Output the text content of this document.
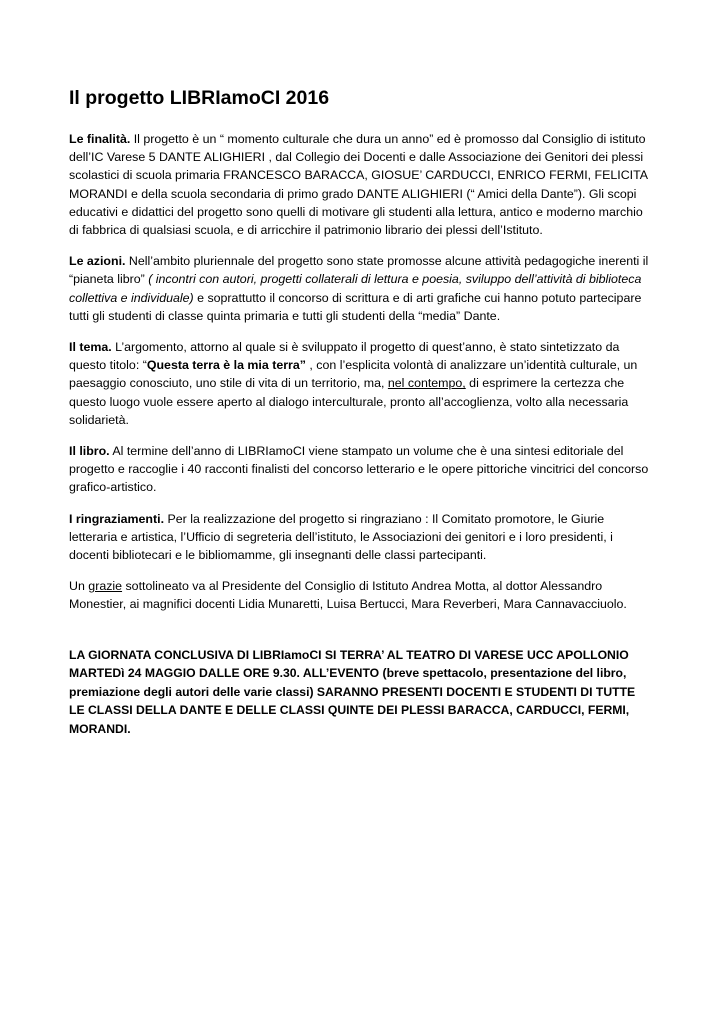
Il progetto LIBRIamoCI 2016

Le finalità. Il progetto è un “ momento culturale che dura un anno” ed è promosso dal Consiglio di istituto dell’IC Varese 5 DANTE ALIGHIERI , dal Collegio dei Docenti e dalle Associazione dei Genitori dei plessi scolastici di scuola primaria FRANCESCO BARACCA, GIOSUE’ CARDUCCI, ENRICO FERMI, FELICITA MORANDI e della scuola secondaria di primo grado DANTE ALIGHIERI (“ Amici della Dante”). Gli scopi educativi e didattici del progetto sono quelli di motivare gli studenti alla lettura, antico e moderno marchio di fabbrica di qualsiasi scuola, e di arricchire il patrimonio librario dei plessi dell’Istituto.

Le azioni. Nell’ambito pluriennale del progetto sono state promosse alcune attività pedagogiche inerenti il “pianeta libro” ( incontri con autori, progetti collaterali di lettura e poesia, sviluppo dell’attività di biblioteca collettiva e individuale) e soprattutto il concorso di scrittura e di arti grafiche cui hanno potuto partecipare tutti gli studenti di classe quinta primaria e tutti gli studenti della “media” Dante.

Il tema. L’argomento, attorno al quale si è sviluppato il progetto di quest’anno, è stato sintetizzato da questo titolo: “Questa terra è la mia terra” , con l’esplicita volontà di analizzare un’identità culturale, un paesaggio conosciuto, uno stile di vita di un territorio, ma, nel contempo, di esprimere la certezza che questo luogo vuole essere aperto al dialogo interculturale, pronto all’accoglienza, volto alla necessaria solidarietà.

Il libro. Al termine dell’anno di LIBRIamoCI viene stampato un volume che è una sintesi editoriale del progetto e raccoglie i 40 racconti finalisti del concorso letterario e le opere pittoriche vincitrici del concorso grafico-artistico.

I ringraziamenti. Per la realizzazione del progetto si ringraziano : Il Comitato promotore, le Giurie letteraria e artistica, l’Ufficio di segreteria dell’istituto, le Associazioni dei genitori e i loro presidenti, i docenti bibliotecari e le bibliomamme, gli insegnanti delle classi partecipanti.

Un grazie sottolineato va al Presidente del Consiglio di Istituto Andrea Motta, al dottor Alessandro Monestier, ai magnifici docenti Lidia Munaretti, Luisa Bertucci, Mara Reverberi, Mara Cannavacciuolo.

LA GIORNATA CONCLUSIVA DI LIBRIamoCI SI TERRA’ AL TEATRO DI VARESE UCC APOLLONIO MARTEDì 24 MAGGIO DALLE ORE 9.30. ALL’EVENTO (breve spettacolo, presentazione del libro, premiazione degli autori delle varie classi) SARANNO PRESENTI DOCENTI E STUDENTI DI TUTTE LE CLASSI DELLA DANTE E DELLE CLASSI QUINTE DEI PLESSI BARACCA, CARDUCCI, FERMI, MORANDI.
